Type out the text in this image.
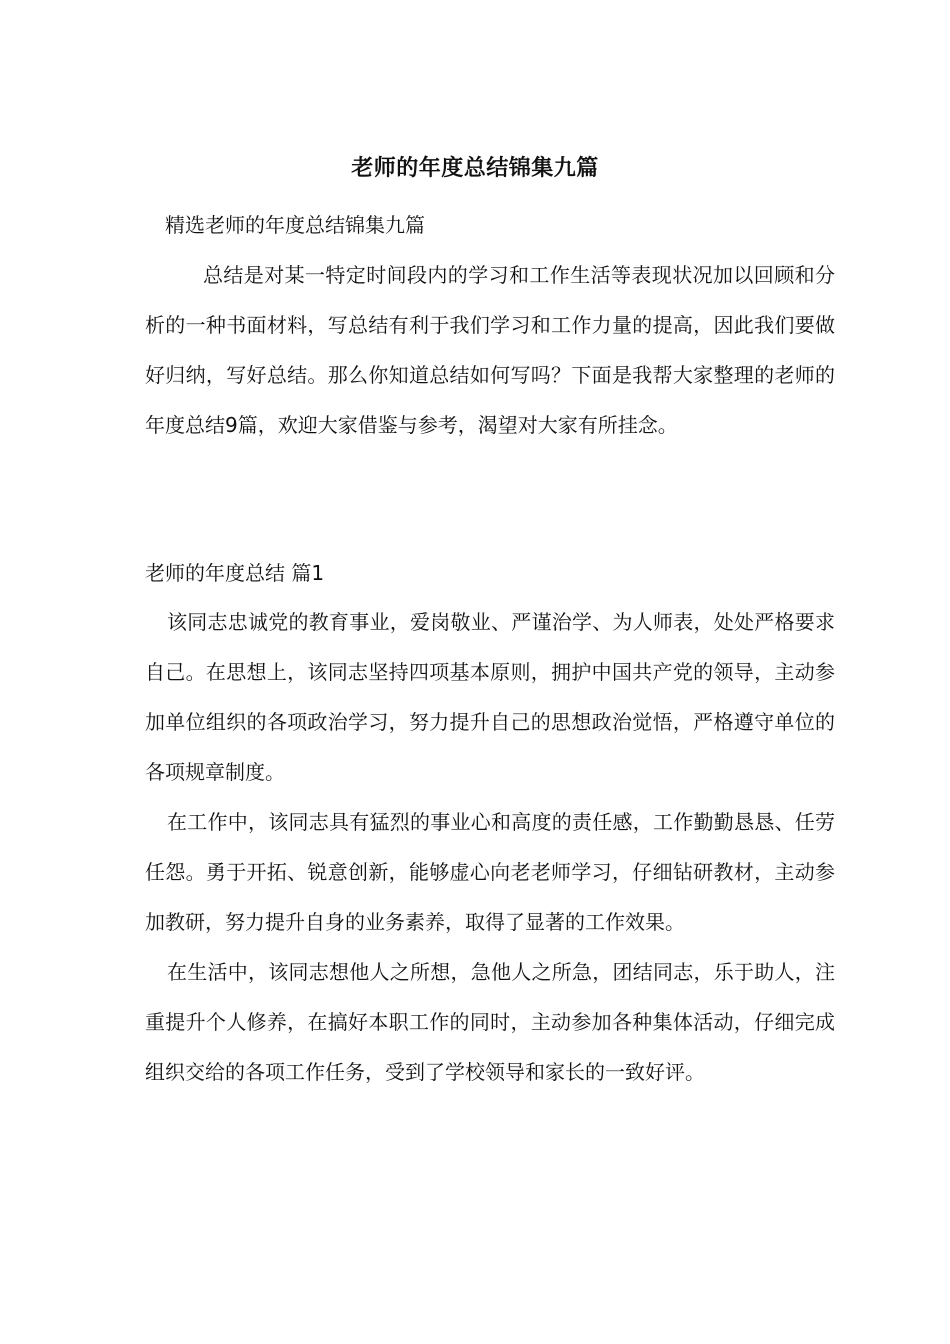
老师的年度总结锦集九篇
精选老师的年度总结锦集九篇

总结是对某一特定时间段内的学习和工作生活等表现状况加以回顾和分析的一种书面材料，写总结有利于我们学习和工作力量的提高，因此我们要做好归纳，写好总结。那么你知道总结如何写吗？下面是我帮大家整理的老师的年度总结9篇，欢迎大家借鉴与参考，渴望对大家有所挂念。

老师的年度总结 篇1

该同志忠诚党的教育事业，爱岗敬业、严谨治学、为人师表，处处严格要求自己。在思想上，该同志坚持四项基本原则，拥护中国共产党的领导，主动参加单位组织的各项政治学习，努力提升自己的思想政治觉悟，严格遵守单位的各项规章制度。

在工作中，该同志具有猛烈的事业心和高度的责任感，工作勤勤恳恳、任劳任怨。勇于开拓、锐意创新，能够虚心向老老师学习，仔细钻研教材，主动参加教研，努力提升自身的业务素养，取得了显著的工作效果。

在生活中，该同志想他人之所想，急他人之所急，团结同志，乐于助人，注重提升个人修养，在搞好本职工作的同时，主动参加各种集体活动，仔细完成组织交给的各项工作任务，受到了学校领导和家长的一致好评。
